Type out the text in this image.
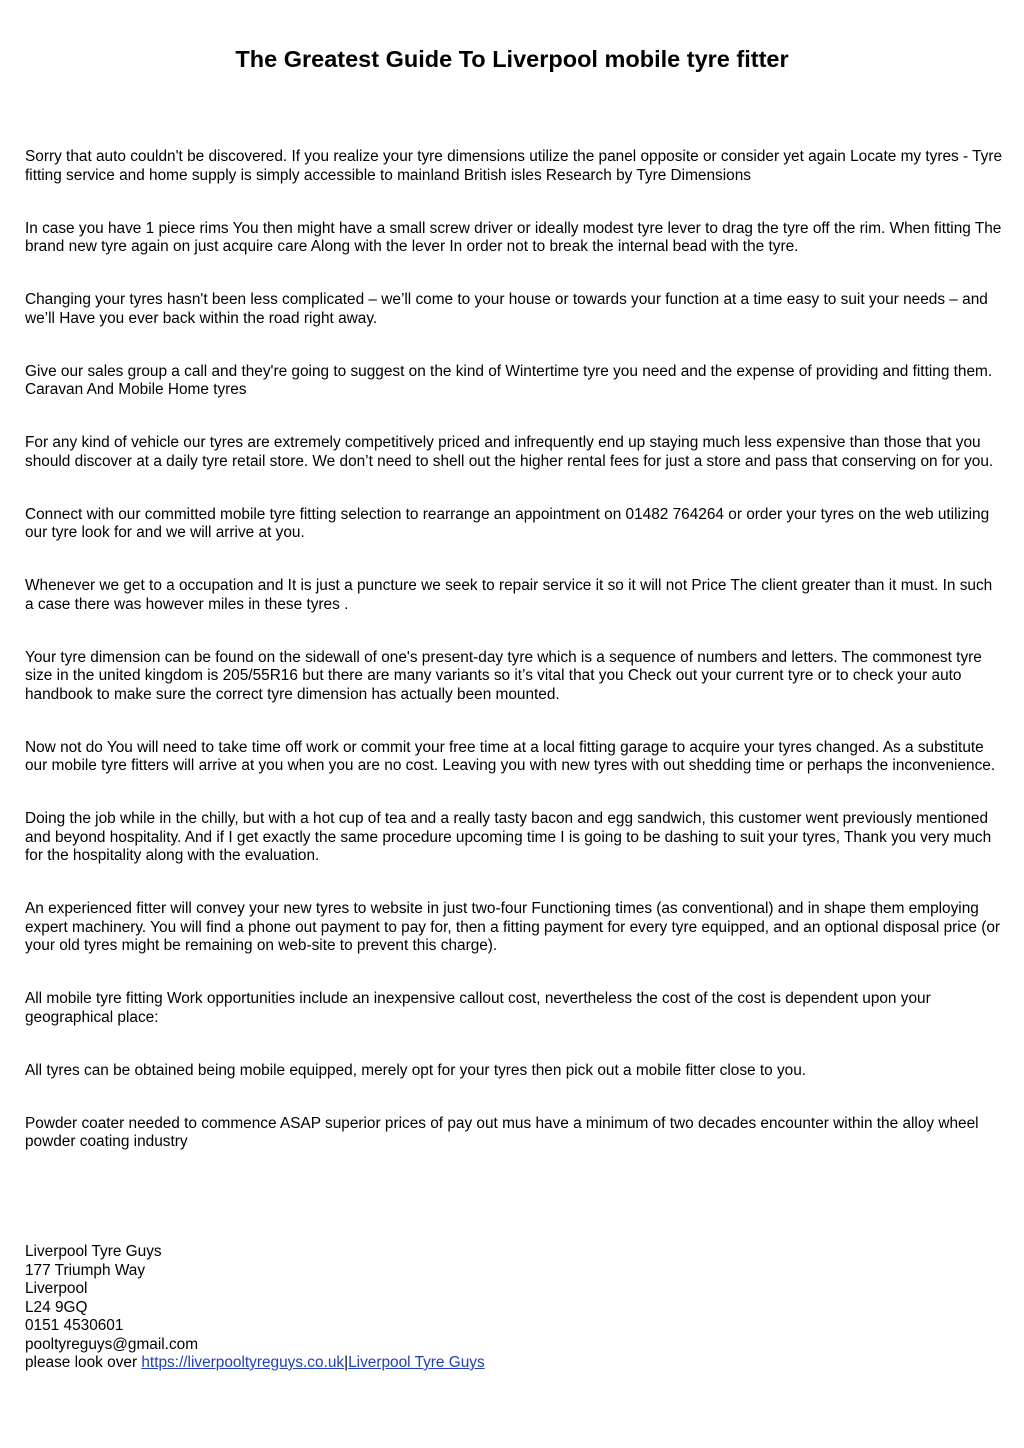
The Greatest Guide To Liverpool mobile tyre fitter

Sorry that auto couldn't be discovered. If you realize your tyre dimensions utilize the panel opposite or consider yet again Locate my tyres - Tyre fitting service and home supply is simply accessible to mainland British isles Research by Tyre Dimensions

In case you have 1 piece rims You then might have a small screw driver or ideally modest tyre lever to drag the tyre off the rim. When fitting The brand new tyre again on just acquire care Along with the lever In order not to break the internal bead with the tyre.

Changing your tyres hasn't been less complicated – we’ll come to your house or towards your function at a time easy to suit your needs – and we’ll Have you ever back within the road right away.

Give our sales group a call and they're going to suggest on the kind of Wintertime tyre you need and the expense of providing and fitting them. Caravan And Mobile Home tyres

For any kind of vehicle our tyres are extremely competitively priced and infrequently end up staying much less expensive than those that you should discover at a daily tyre retail store. We don’t need to shell out the higher rental fees for just a store and pass that conserving on for you.

Connect with our committed mobile tyre fitting selection to rearrange an appointment on 01482 764264 or order your tyres on the web utilizing our tyre look for and we will arrive at you.

Whenever we get to a occupation and It is just a puncture we seek to repair service it so it will not Price The client greater than it must. In such a case there was however miles in these tyres .

Your tyre dimension can be found on the sidewall of one's present-day tyre which is a sequence of numbers and letters. The commonest tyre size in the united kingdom is 205/55R16 but there are many variants so it’s vital that you Check out your current tyre or to check your auto handbook to make sure the correct tyre dimension has actually been mounted.

Now not do You will need to take time off work or commit your free time at a local fitting garage to acquire your tyres changed. As a substitute our mobile tyre fitters will arrive at you when you are no cost. Leaving you with new tyres with out shedding time or perhaps the inconvenience.

Doing the job while in the chilly, but with a hot cup of tea and a really tasty bacon and egg sandwich, this customer went previously mentioned and beyond hospitality. And if I get exactly the same procedure upcoming time I is going to be dashing to suit your tyres, Thank you very much for the hospitality along with the evaluation.

An experienced fitter will convey your new tyres to website in just two-four Functioning times (as conventional) and in shape them employing expert machinery. You will find a phone out payment to pay for, then a fitting payment for every tyre equipped, and an optional disposal price (or your old tyres might be remaining on web-site to prevent this charge).

All mobile tyre fitting Work opportunities include an inexpensive callout cost, nevertheless the cost of the cost is dependent upon your geographical place:

All tyres can be obtained being mobile equipped, merely opt for your tyres then pick out a mobile fitter close to you.

Powder coater needed to commence ASAP superior prices of pay out mus have a minimum of two decades encounter within the alloy wheel powder coating industry

Liverpool Tyre Guys
177 Triumph Way
Liverpool
L24 9GQ
0151 4530601
pooltyreguys@gmail.com
please look over https://liverpooltyreguys.co.uk|Liverpool Tyre Guys
